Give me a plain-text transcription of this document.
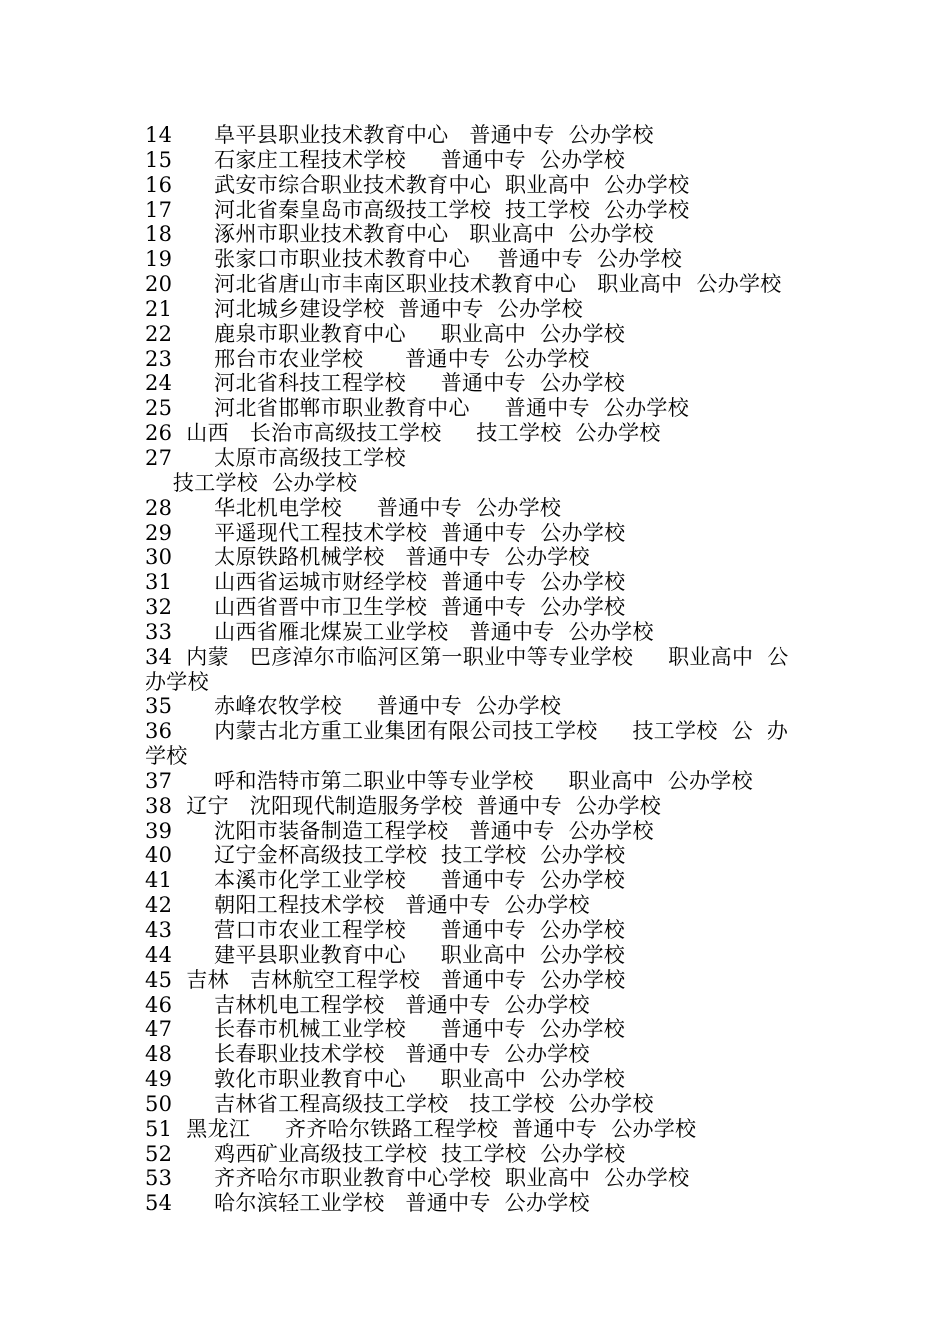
14      阜平县职业技术教育中心   普通中专  公办学校
15      石家庄工程技术学校     普通中专  公办学校
16      武安市综合职业技术教育中心  职业高中  公办学校
17      河北省秦皇岛市高级技工学校  技工学校  公办学校
18      涿州市职业技术教育中心   职业高中  公办学校
19      张家口市职业技术教育中心    普通中专  公办学校
20      河北省唐山市丰南区职业技术教育中心   职业高中  公办学校
21      河北城乡建设学校  普通中专  公办学校
22      鹿泉市职业教育中心     职业高中  公办学校
23      邢台市农业学校      普通中专  公办学校
24      河北省科技工程学校     普通中专  公办学校
25      河北省邯郸市职业教育中心     普通中专  公办学校
26  山西   长治市高级技工学校     技工学校  公办学校
27      太原市高级技工学校
技工学校  公办学校
28      华北机电学校     普通中专  公办学校
29      平遥现代工程技术学校  普通中专  公办学校
30      太原铁路机械学校   普通中专  公办学校
31      山西省运城市财经学校  普通中专  公办学校
32      山西省晋中市卫生学校  普通中专  公办学校
33      山西省雁北煤炭工业学校   普通中专  公办学校
34  内蒙   巴彦淖尔市临河区第一职业中等专业学校     职业高中  公
办学校
35      赤峰农牧学校     普通中专  公办学校
36      内蒙古北方重工业集团有限公司技工学校     技工学校  公  办
学校
37      呼和浩特市第二职业中等专业学校     职业高中  公办学校
38  辽宁   沈阳现代制造服务学校  普通中专  公办学校
39      沈阳市装备制造工程学校   普通中专  公办学校
40      辽宁金杯高级技工学校  技工学校  公办学校
41      本溪市化学工业学校     普通中专  公办学校
42      朝阳工程技术学校   普通中专  公办学校
43      营口市农业工程学校     普通中专  公办学校
44      建平县职业教育中心     职业高中  公办学校
45  吉林   吉林航空工程学校   普通中专  公办学校
46      吉林机电工程学校   普通中专  公办学校
47      长春市机械工业学校     普通中专  公办学校
48      长春职业技术学校   普通中专  公办学校
49      敦化市职业教育中心     职业高中  公办学校
50      吉林省工程高级技工学校   技工学校  公办学校
51  黑龙江     齐齐哈尔铁路工程学校  普通中专  公办学校
52      鸡西矿业高级技工学校  技工学校  公办学校
53      齐齐哈尔市职业教育中心学校  职业高中  公办学校
54      哈尔滨轻工业学校   普通中专  公办学校
